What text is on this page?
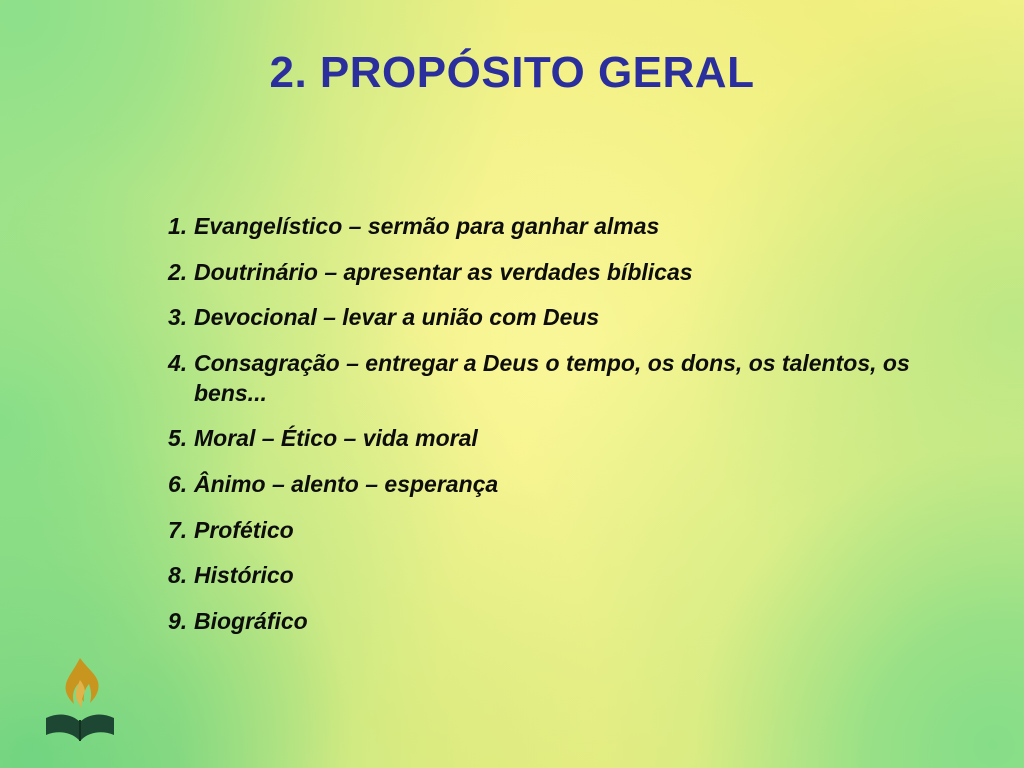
2. PROPÓSITO GERAL
1. Evangelístico – sermão para ganhar almas
2. Doutrinário – apresentar as verdades bíblicas
3. Devocional – levar a união com Deus
4. Consagração – entregar a Deus o tempo, os dons, os talentos, os bens...
5. Moral – Ético – vida moral
6. Ânimo – alento – esperança
7. Profético
8. Histórico
9. Biográfico
